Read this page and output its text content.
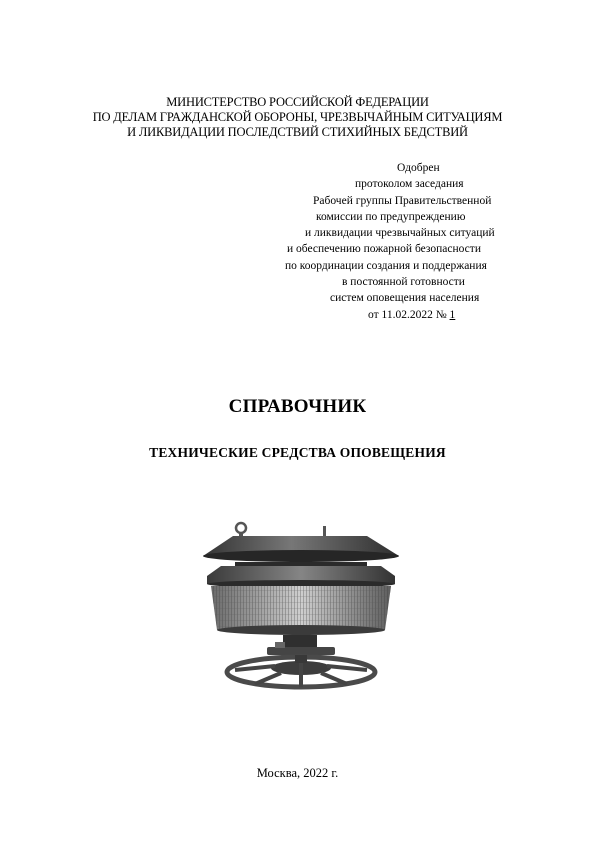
МИНИСТЕРСТВО РОССИЙСКОЙ ФЕДЕРАЦИИ
ПО ДЕЛАМ ГРАЖДАНСКОЙ ОБОРОНЫ, ЧРЕЗВЫЧАЙНЫМ СИТУАЦИЯМ
И ЛИКВИДАЦИИ ПОСЛЕДСТВИЙ СТИХИЙНЫХ БЕДСТВИЙ
Одобрен
протоколом заседания
Рабочей группы Правительственной
комиссии по предупреждению
и ликвидации чрезвычайных ситуаций
и обеспечению пожарной безопасности
по координации создания и поддержания
в постоянной готовности
систем оповещения населения
от 11.02.2022 № 1
СПРАВОЧНИК
ТЕХНИЧЕСКИЕ СРЕДСТВА ОПОВЕЩЕНИЯ
Москва, 2022 г.
